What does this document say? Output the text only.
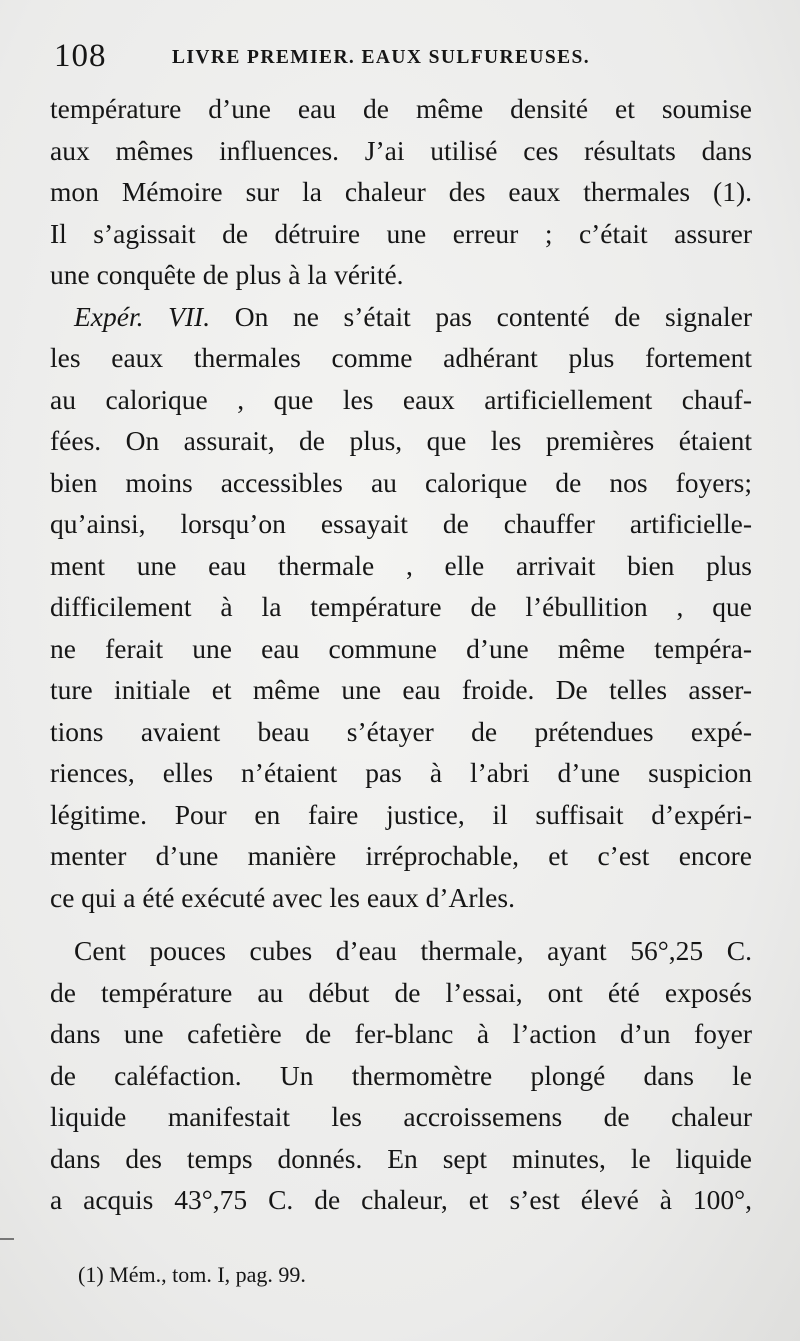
108	LIVRE PREMIER. EAUX SULFUREUSES.
température d’une eau de même densité et soumise
aux mêmes influences. J’ai utilisé ces résultats dans
mon Mémoire sur la chaleur des eaux thermales (1).
Il s’agissait de détruire une erreur ; c’était assurer
une conquête de plus à la vérité.
Expér. VII. On ne s’était pas contenté de signaler
les eaux thermales comme adhérant plus fortement
au calorique , que les eaux artificiellement chauf-
fées. On assurait, de plus, que les premières étaient
bien moins accessibles au calorique de nos foyers;
qu’ainsi, lorsqu’on essayait de chauffer artificielle-
ment une eau thermale , elle arrivait bien plus
difficilement à la température de l’ébullition , que
ne ferait une eau commune d’une même tempéra-
ture initiale et même une eau froide. De telles asser-
tions avaient beau s’étayer de prétendues expé-
riences, elles n’étaient pas à l’abri d’une suspicion
légitime. Pour en faire justice, il suffisait d’expéri-
menter d’une manière irréprochable, et c’est encore
ce qui a été exécuté avec les eaux d’Arles.
Cent pouces cubes d’eau thermale, ayant 56°,25 C.
de température au début de l’essai, ont été exposés
dans une cafetière de fer-blanc à l’action d’un foyer
de caléfaction. Un thermomètre plongé dans le
liquide manifestait les accroissemens de chaleur
dans des temps donnés. En sept minutes, le liquide
a acquis 43°,75 C. de chaleur, et s’est élevé à 100°,
(1) Mém., tom. I, pag. 99.
